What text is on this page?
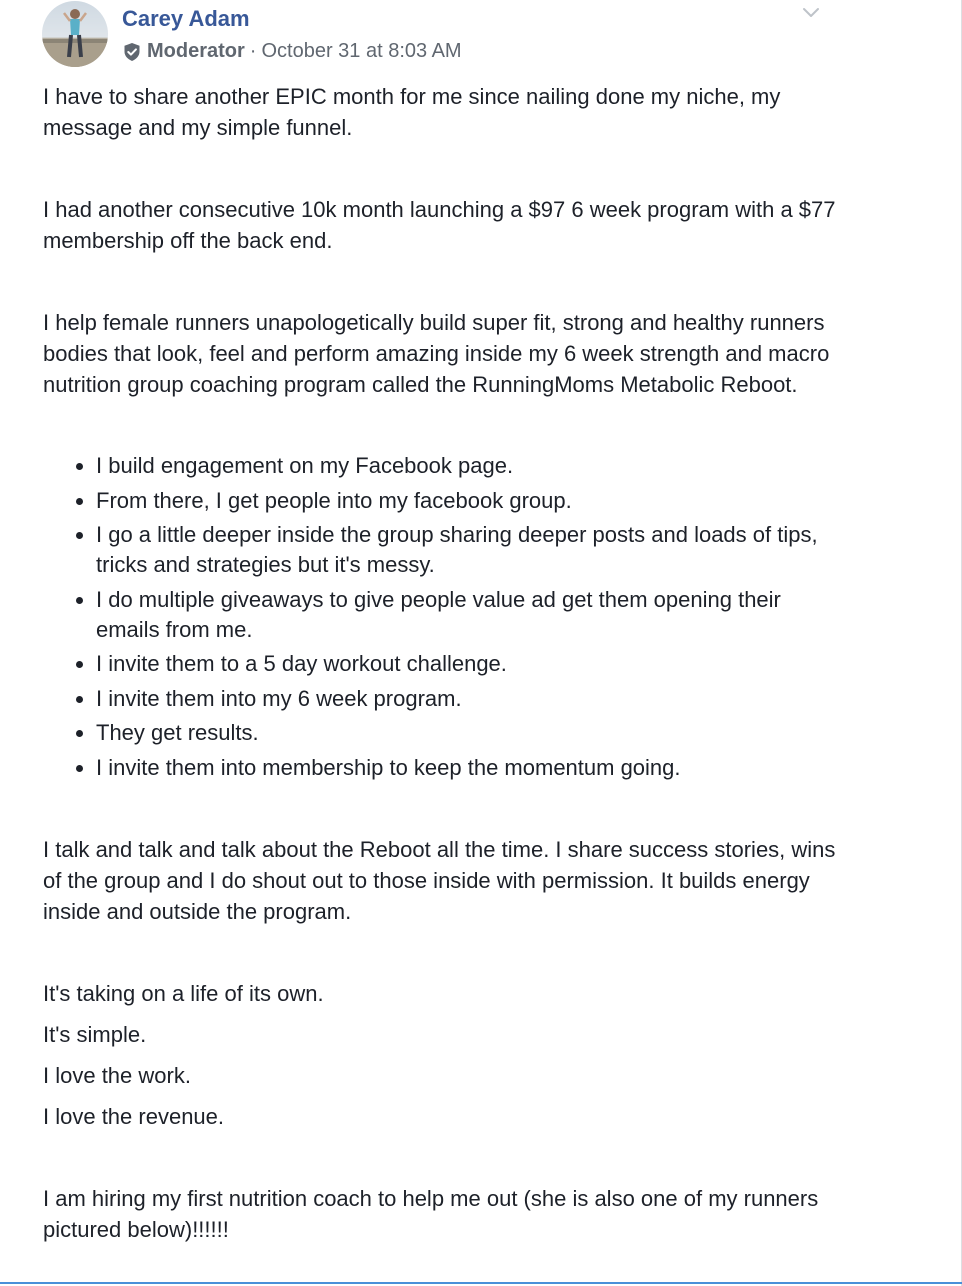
Carey Adam
Moderator · October 31 at 8:03 AM

I have to share another EPIC month for me since nailing done my niche, my message and my simple funnel.

I had another consecutive 10k month launching a $97 6 week program with a $77 membership off the back end.

I help female runners unapologetically build super fit, strong and healthy runners bodies that look, feel and perform amazing inside my 6 week strength and macro nutrition group coaching program called the RunningMoms Metabolic Reboot.

• I build engagement on my Facebook page.
• From there, I get people into my facebook group.
• I go a little deeper inside the group sharing deeper posts and loads of tips, tricks and strategies but it's messy.
• I do multiple giveaways to give people value ad get them opening their emails from me.
• I invite them to a 5 day workout challenge.
• I invite them into my 6 week program.
• They get results.
• I invite them into membership to keep the momentum going.

I talk and talk and talk about the Reboot all the time. I share success stories, wins of the group and I do shout out to those inside with permission. It builds energy inside and outside the program.

It's taking on a life of its own.

It's simple.

I love the work.

I love the revenue.

I am hiring my first nutrition coach to help me out (she is also one of my runners pictured below)!!!!!!
